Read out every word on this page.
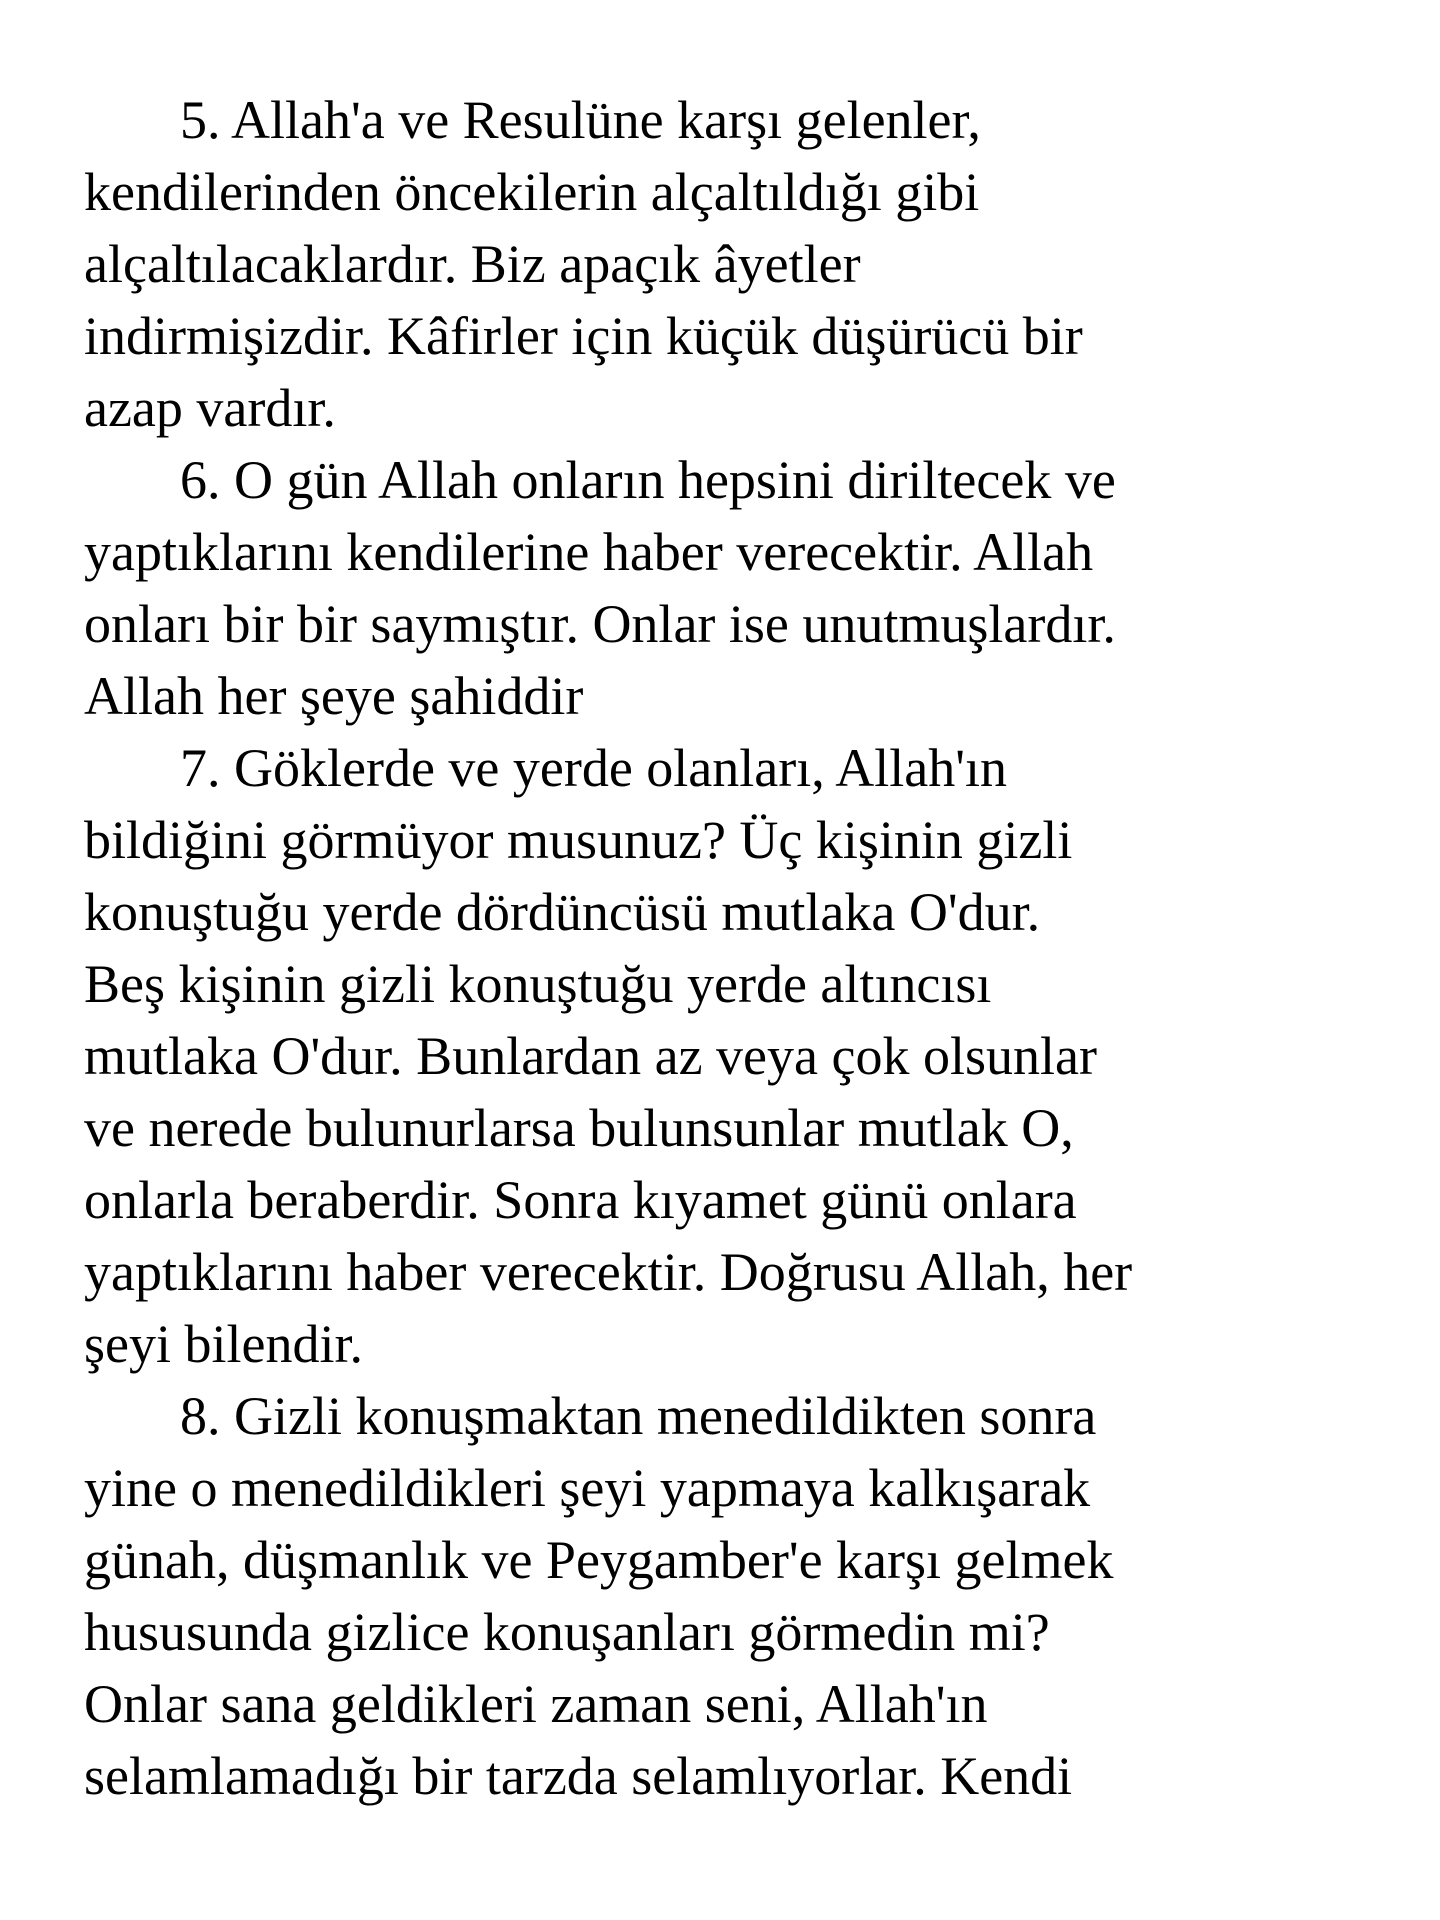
5. Allah'a ve Resulüne karşı gelenler,
kendilerinden öncekilerin alçaltıldığı gibi
alçaltılacaklardır. Biz apaçık âyetler
indirmişizdir. Kâfirler için küçük düşürücü bir
azap vardır.
6. O gün Allah onların hepsini diriltecek ve
yaptıklarını kendilerine haber verecektir. Allah
onları bir bir saymıştır. Onlar ise unutmuşlardır.
Allah her şeye şahiddir
7. Göklerde ve yerde olanları, Allah'ın
bildiğini görmüyor musunuz? Üç kişinin gizli
konuştuğu yerde dördüncüsü mutlaka O'dur.
Beş kişinin gizli konuştuğu yerde altıncısı
mutlaka O'dur. Bunlardan az veya çok olsunlar
ve nerede bulunurlarsa bulunsunlar mutlak O,
onlarla beraberdir. Sonra kıyamet günü onlara
yaptıklarını haber verecektir. Doğrusu Allah, her
şeyi bilendir.
8. Gizli konuşmaktan menedildikten sonra
yine o menedildikleri şeyi yapmaya kalkışarak
günah, düşmanlık ve Peygamber'e karşı gelmek
hususunda gizlice konuşanları görmedin mi?
Onlar sana geldikleri zaman seni, Allah'ın
selamlamadığı bir tarzda selamlıyorlar. Kendi
